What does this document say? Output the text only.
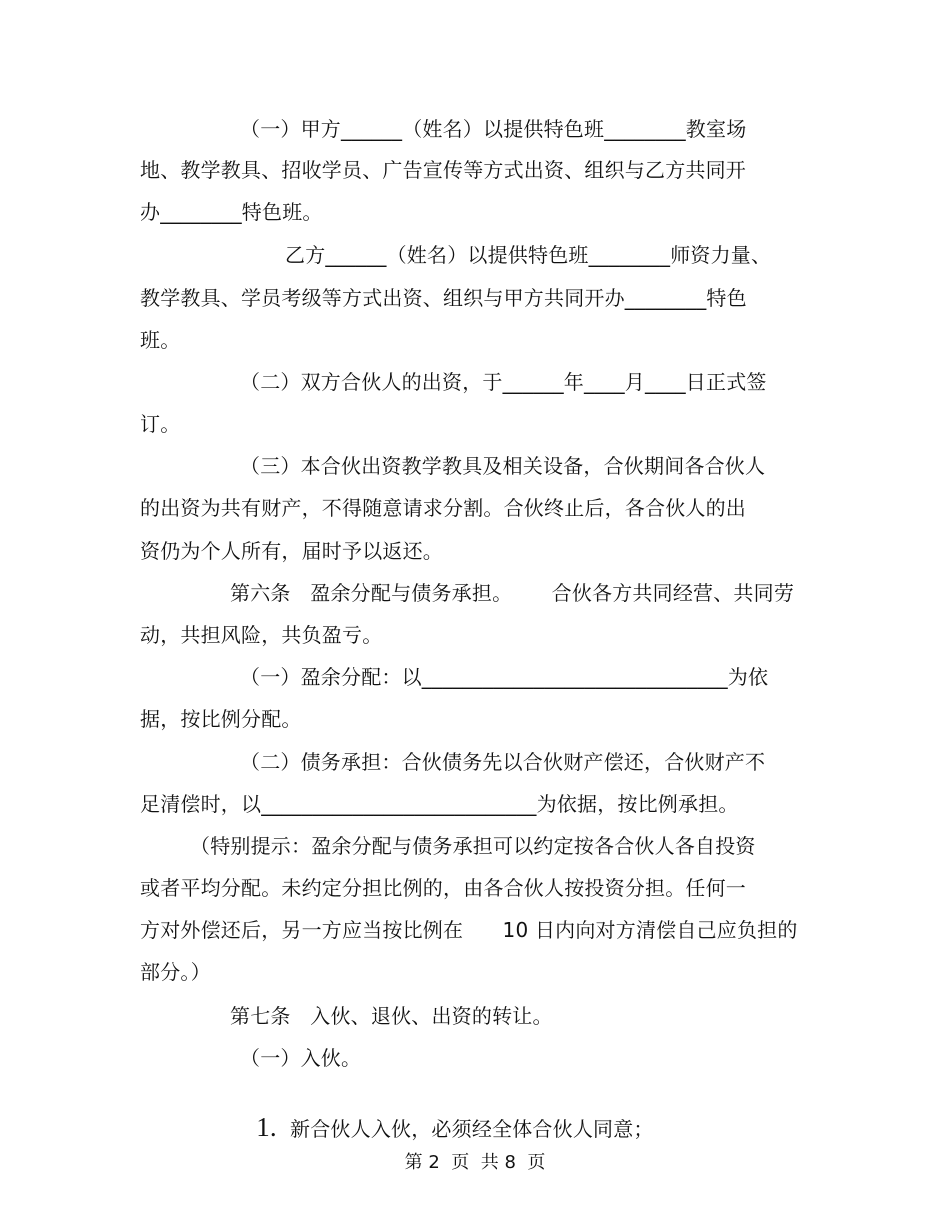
（一）甲方______（姓名）以提供特色班________教室场
地、教学教具、招收学员、广告宣传等方式出资、组织与乙方共同开
办________特色班。
乙方______（姓名）以提供特色班________师资力量、
教学教具、学员考级等方式出资、组织与甲方共同开办________特色
班。
（二）双方合伙人的出资，于______年____月____日正式签
订。
（三）本合伙出资教学教具及相关设备，合伙期间各合伙人
的出资为共有财产，不得随意请求分割。合伙终止后，各合伙人的出
资仍为个人所有，届时予以返还。
第六条   盈余分配与债务承担。      合伙各方共同经营、共同劳
动，共担风险，共负盈亏。
（一）盈余分配：以______________________________为依
据，按比例分配。
（二）债务承担：合伙债务先以合伙财产偿还，合伙财产不
足清偿时，以___________________________为依据，按比例承担。
（特别提示：盈余分配与债务承担可以约定按各合伙人各自投资
或者平均分配。未约定分担比例的，由各合伙人按投资分担。任何一
方对外偿还后，另一方应当按比例在      10 日内向对方清偿自己应负担的
部分。）
第七条   入伙、退伙、出资的转让。
（一）入伙。

1. 新合伙人入伙，必须经全体合伙人同意；

第 2  页  共 8  页
